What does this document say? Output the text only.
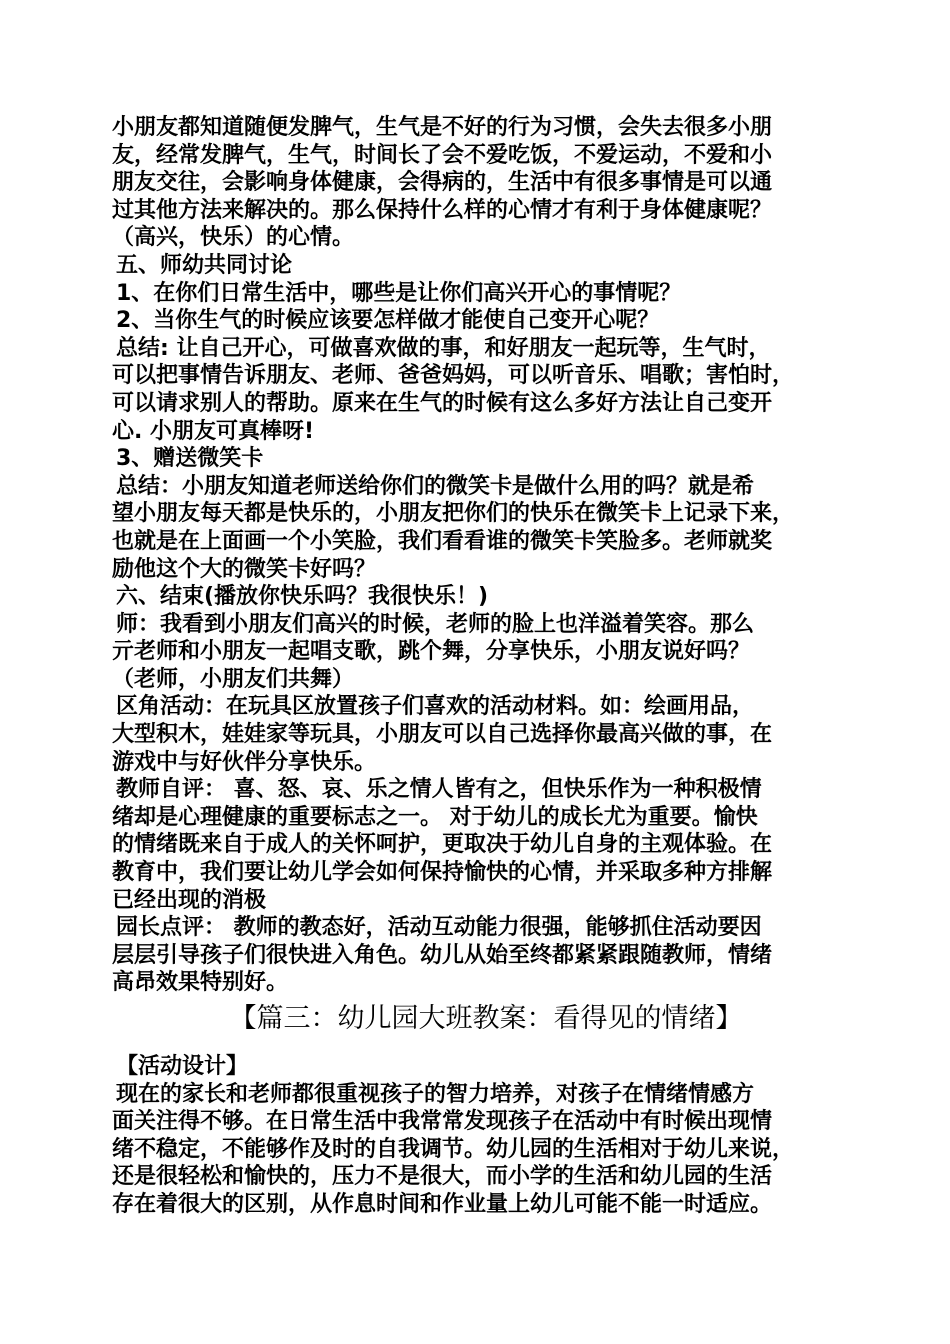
小朋友都知道随便发脾气，生气是不好的行为习惯，会失去很多小朋
友，经常发脾气，生气，时间长了会不爱吃饭，不爱运动，不爱和小
朋友交往，会影响身体健康，会得病的，生活中有很多事情是可以通
过其他方法来解决的。那么保持什么样的心情才有利于身体健康呢？
（高兴，快乐）的心情。
五、师幼共同讨论
1、在你们日常生活中，哪些是让你们高兴开心的事情呢？
2、当你生气的时候应该要怎样做才能使自己变开心呢？
总结: 让自己开心，可做喜欢做的事，和好朋友一起玩等，生气时，
可以把事情告诉朋友、老师、爸爸妈妈，可以听音乐、唱歌；害怕时，
可以请求别人的帮助。原来在生气的时候有这么多好方法让自己变开
心. 小朋友可真棒呀!
3、赠送微笑卡
总结：小朋友知道老师送给你们的微笑卡是做什么用的吗？就是希
望小朋友每天都是快乐的，小朋友把你们的快乐在微笑卡上记录下来，
也就是在上面画一个小笑脸，我们看看谁的微笑卡笑脸多。老师就奖
励他这个大的微笑卡好吗？
六、结束(播放你快乐吗？我很快乐！)
师：我看到小朋友们高兴的时候，老师的脸上也洋溢着笑容。那么
亓老师和小朋友一起唱支歌，跳个舞，分享快乐，小朋友说好吗？
（老师，小朋友们共舞）
区角活动：在玩具区放置孩子们喜欢的活动材料。如：绘画用品，
大型积木，娃娃家等玩具，小朋友可以自己选择你最高兴做的事，在
游戏中与好伙伴分享快乐。
教师自评： 喜、怒、哀、乐之情人皆有之，但快乐作为一种积极情
绪却是心理健康的重要标志之一。 对于幼儿的成长尤为重要。愉快
的情绪既来自于成人的关怀呵护，更取决于幼儿自身的主观体验。在
教育中，我们要让幼儿学会如何保持愉快的心情，并采取多种方排解
已经出现的消极
园长点评： 教师的教态好，活动互动能力很强，能够抓住活动要因
层层引导孩子们很快进入角色。幼儿从始至终都紧紧跟随教师，情绪
高昂效果特别好。
【篇三：幼儿园大班教案：看得见的情绪】
【活动设计】
现在的家长和老师都很重视孩子的智力培养，对孩子在情绪情感方
面关注得不够。在日常生活中我常常发现孩子在活动中有时候出现情
绪不稳定，不能够作及时的自我调节。幼儿园的生活相对于幼儿来说，
还是很轻松和愉快的，压力不是很大，而小学的生活和幼儿园的生活
存在着很大的区别，从作息时间和作业量上幼儿可能不能一时适应。
